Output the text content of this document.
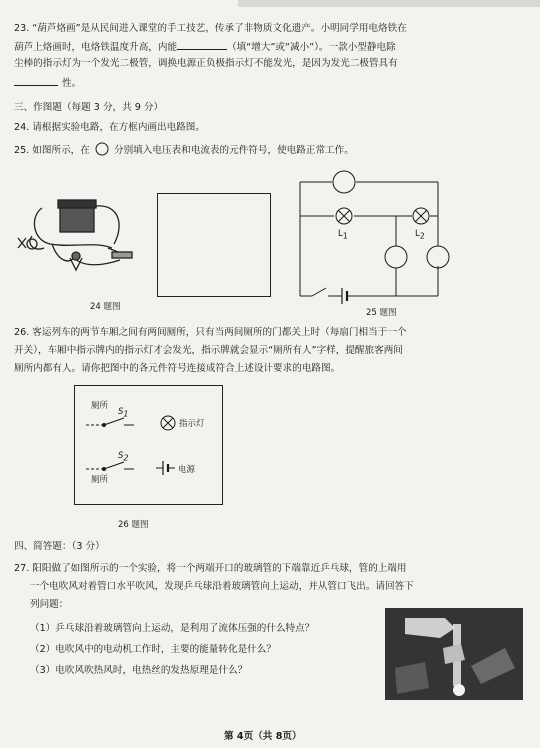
23. “葫芦烙画”是从民间进入课堂的手工技艺，传承了非物质文化遗产。小明同学用电烙铁在
葫芦上烙画时，电烙铁温度升高，内能	（填“增大”或“减小”）。一款小型静电除
尘棒的指示灯为一个发光二极管，调换电源正负极指示灯不能发光，是因为发光二极管具有
性。
三、作图题（每题 3 分，共 9 分）
24. 请根据实验电路，在方框内画出电路图。
25. 如图所示，在	分别填入电压表和电流表的元件符号，使电路正常工作。
24 题图
$L_1$	$L_2$
25 题图
26. 客运列车的两节车厢之间有两间厕所，只有当两间厕所的门都关上时（每扇门相当于一个
开关），车厢中指示牌内的指示灯才会发光，指示牌就会显示“厕所有人”字样，提醒旅客两间
厕所内都有人。请你把图中的各元件符号连接成符合上述设计要求的电路图。
厕所
$S_1$
$S_2$
厕所
指示灯
电源
26 题图
四、简答题：（3 分）
27. 阳阳做了如图所示的一个实验，将一个两端开口的玻璃管的下端靠近乒乓球，管的上端用
一个电吹风对着管口水平吹风，发现乒乓球沿着玻璃管向上运动，并从管口飞出。请回答下
列问题：
（1）乒乓球沿着玻璃管向上运动，是利用了流体压强的什么特点？
（2）电吹风中的电动机工作时，主要的能量转化是什么？
（3）电吹风吹热风时，电热丝的发热原理是什么？
第 4页（共 8页）
